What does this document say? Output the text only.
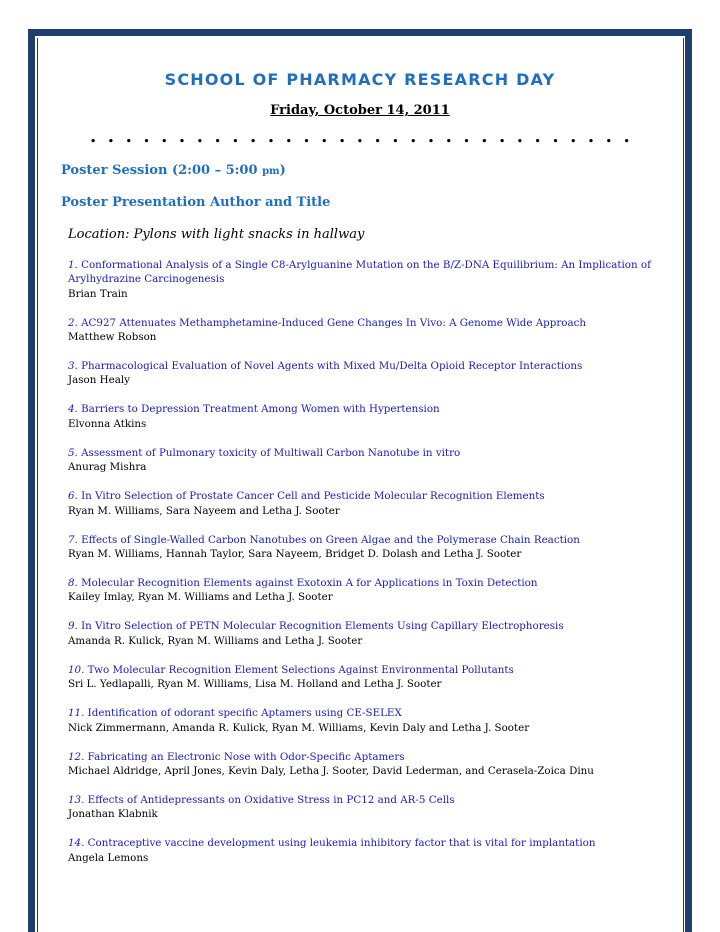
SCHOOL OF PHARMACY RESEARCH DAY
Friday, October 14, 2011
. . . . . . . . . . . . . . . . . . . . . . . . . . . . . . .
Poster Session (2:00 – 5:00 pm)
Poster Presentation Author and Title
Location: Pylons with light snacks in hallway
1. Conformational Analysis of a Single C8-Arylguanine Mutation on the B/Z-DNA Equilibrium: An Implication of Arylhydrazine Carcinogenesis
Brian Train
2. AC927 Attenuates Methamphetamine-Induced Gene Changes In Vivo: A Genome Wide Approach
Matthew Robson
3. Pharmacological Evaluation of Novel Agents with Mixed Mu/Delta Opioid Receptor Interactions
Jason Healy
4. Barriers to Depression Treatment Among Women with Hypertension
Elvonna Atkins
5. Assessment of Pulmonary toxicity of Multiwall Carbon Nanotube in vitro
Anurag Mishra
6. In Vitro Selection of Prostate Cancer Cell and Pesticide Molecular Recognition Elements
Ryan M. Williams, Sara Nayeem and Letha J. Sooter
7. Effects of Single-Walled Carbon Nanotubes on Green Algae and the Polymerase Chain Reaction
Ryan M. Williams, Hannah Taylor, Sara Nayeem, Bridget D. Dolash and Letha J. Sooter
8. Molecular Recognition Elements against Exotoxin A for Applications in Toxin Detection
Kailey Imlay, Ryan M. Williams and Letha J. Sooter
9. In Vitro Selection of PETN Molecular Recognition Elements Using Capillary Electrophoresis
Amanda R. Kulick, Ryan M. Williams and Letha J. Sooter
10. Two Molecular Recognition Element Selections Against Environmental Pollutants
Sri L. Yedlapalli, Ryan M. Williams, Lisa M. Holland and Letha J. Sooter
11. Identification of odorant specific Aptamers using CE-SELEX
Nick Zimmermann, Amanda R. Kulick, Ryan M. Williams, Kevin Daly and Letha J. Sooter
12. Fabricating an Electronic Nose with Odor-Specific Aptamers
Michael Aldridge, April Jones, Kevin Daly, Letha J. Sooter, David Lederman, and Cerasela-Zoica Dinu
13. Effects of Antidepressants on Oxidative Stress in PC12 and AR-5 Cells
Jonathan Klabnik
14. Contraceptive vaccine development using leukemia inhibitory factor that is vital for implantation
Angela Lemons
